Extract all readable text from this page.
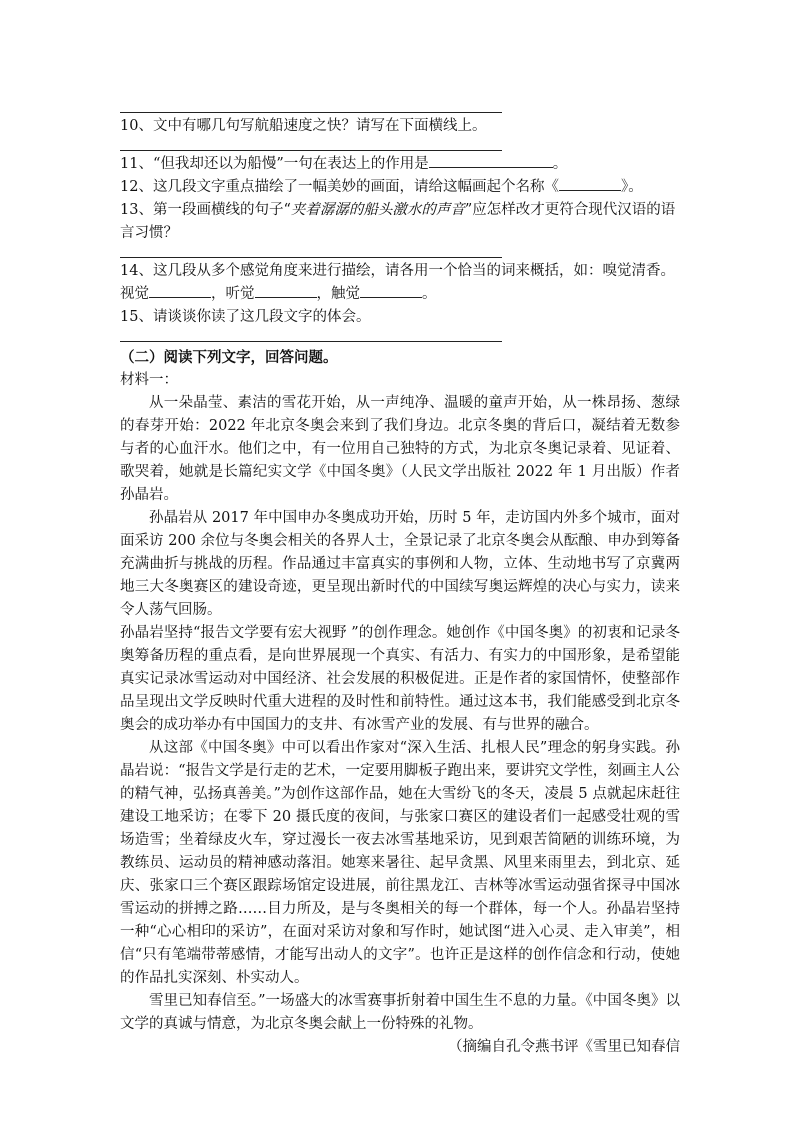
10、文中有哪几句写航船速度之快？请写在下面横线上。
11、“但我却还以为船慢”一句在表达上的作用是	。
12、这几段文字重点描绘了一幅美妙的画面，请给这幅画起个名称《	》。
13、第一段画横线的句子“夹着潺潺的船头激水的声音”应怎样改才更符合现代汉语的语言习惯？
14、这几段从多个感觉角度来进行描绘，请各用一个恰当的词来概括，如：嗅觉清香。视觉	，听觉	，触觉	。
15、请谈谈你读了这几段文字的体会。
（二）阅读下列文字，回答问题。
材料一：
从一朵晶莹、素洁的雪花开始，从一声纯净、温暖的童声开始，从一株昂扬、葱绿的春芽开始：2022 年北京冬奥会来到了我们身边。北京冬奥的背后口，凝结着无数参与者的心血汗水。他们之中，有一位用自己独特的方式，为北京冬奥记录着、见证着、歌哭着，她就是长篇纪实文学《中国冬奥》（人民文学出版社 2022 年 1 月出版）作者孙晶岩。
孙晶岩从 2017 年中国申办冬奥成功开始，历时 5 年，走访国内外多个城市，面对面采访 200 余位与冬奥会相关的各界人士，全景记录了北京冬奥会从酝酿、申办到筹备充满曲折与挑战的历程。作品通过丰富真实的事例和人物，立体、生动地书写了京冀两地三大冬奥赛区的建设奇迹，更呈现出新时代的中国续写奥运辉煌的决心与实力，读来令人荡气回肠。
孙晶岩坚持“报告文学要有宏大视野 ”的创作理念。她创作《中国冬奥》的初衷和记录冬奥筹备历程的重点看，是向世界展现一个真实、有活力、有实力的中国形象，是希望能真实记录冰雪运动对中国经济、社会发展的积极促进。正是作者的家国情怀，使整部作品呈现出文学反映时代重大进程的及时性和前特性。通过这本书，我们能感受到北京冬奥会的成功举办有中国国力的支井、有冰雪产业的发展、有与世界的融合。
从这部《中国冬奥》中可以看出作家对“深入生活、扎根人民”理念的躬身实践。孙晶岩说：“报告文学是行走的艺术，一定要用脚板子跑出来，要讲究文学性，刻画主人公的精气神，弘扬真善美。”为创作这部作品，她在大雪纷飞的冬天，凌晨 5 点就起床赶往建设工地采访；在零下 20 摄氏度的夜间，与张家口赛区的建设者们一起感受壮观的雪场造雪；坐着绿皮火车，穿过漫长一夜去冰雪基地采访，见到艰苦简陋的训练环境，为教练员、运动员的精神感动落泪。她寒来暑往、起早贪黑、风里来雨里去，到北京、延庆、张家口三个赛区跟踪场馆定设进展，前往黑龙江、吉林等冰雪运动强省探寻中国冰雪运动的拼搏之路……目力所及，是与冬奥相关的每一个群体，每一个人。孙晶岩坚持一种“心心相印的采访”，在面对采访对象和写作时，她试图“进入心灵、走入审美”，相信“只有笔端带蒂感情，才能写出动人的文字”。也许正是这样的创作信念和行动，使她的作品扎实深刻、朴实动人。
雪里已知春信至。”一场盛大的冰雪赛事折射着中国生生不息的力量。《中国冬奥》以文学的真诚与情意，为北京冬奥会献上一份特殊的礼物。
（摘编自孔令燕书评《雪里已知春信
